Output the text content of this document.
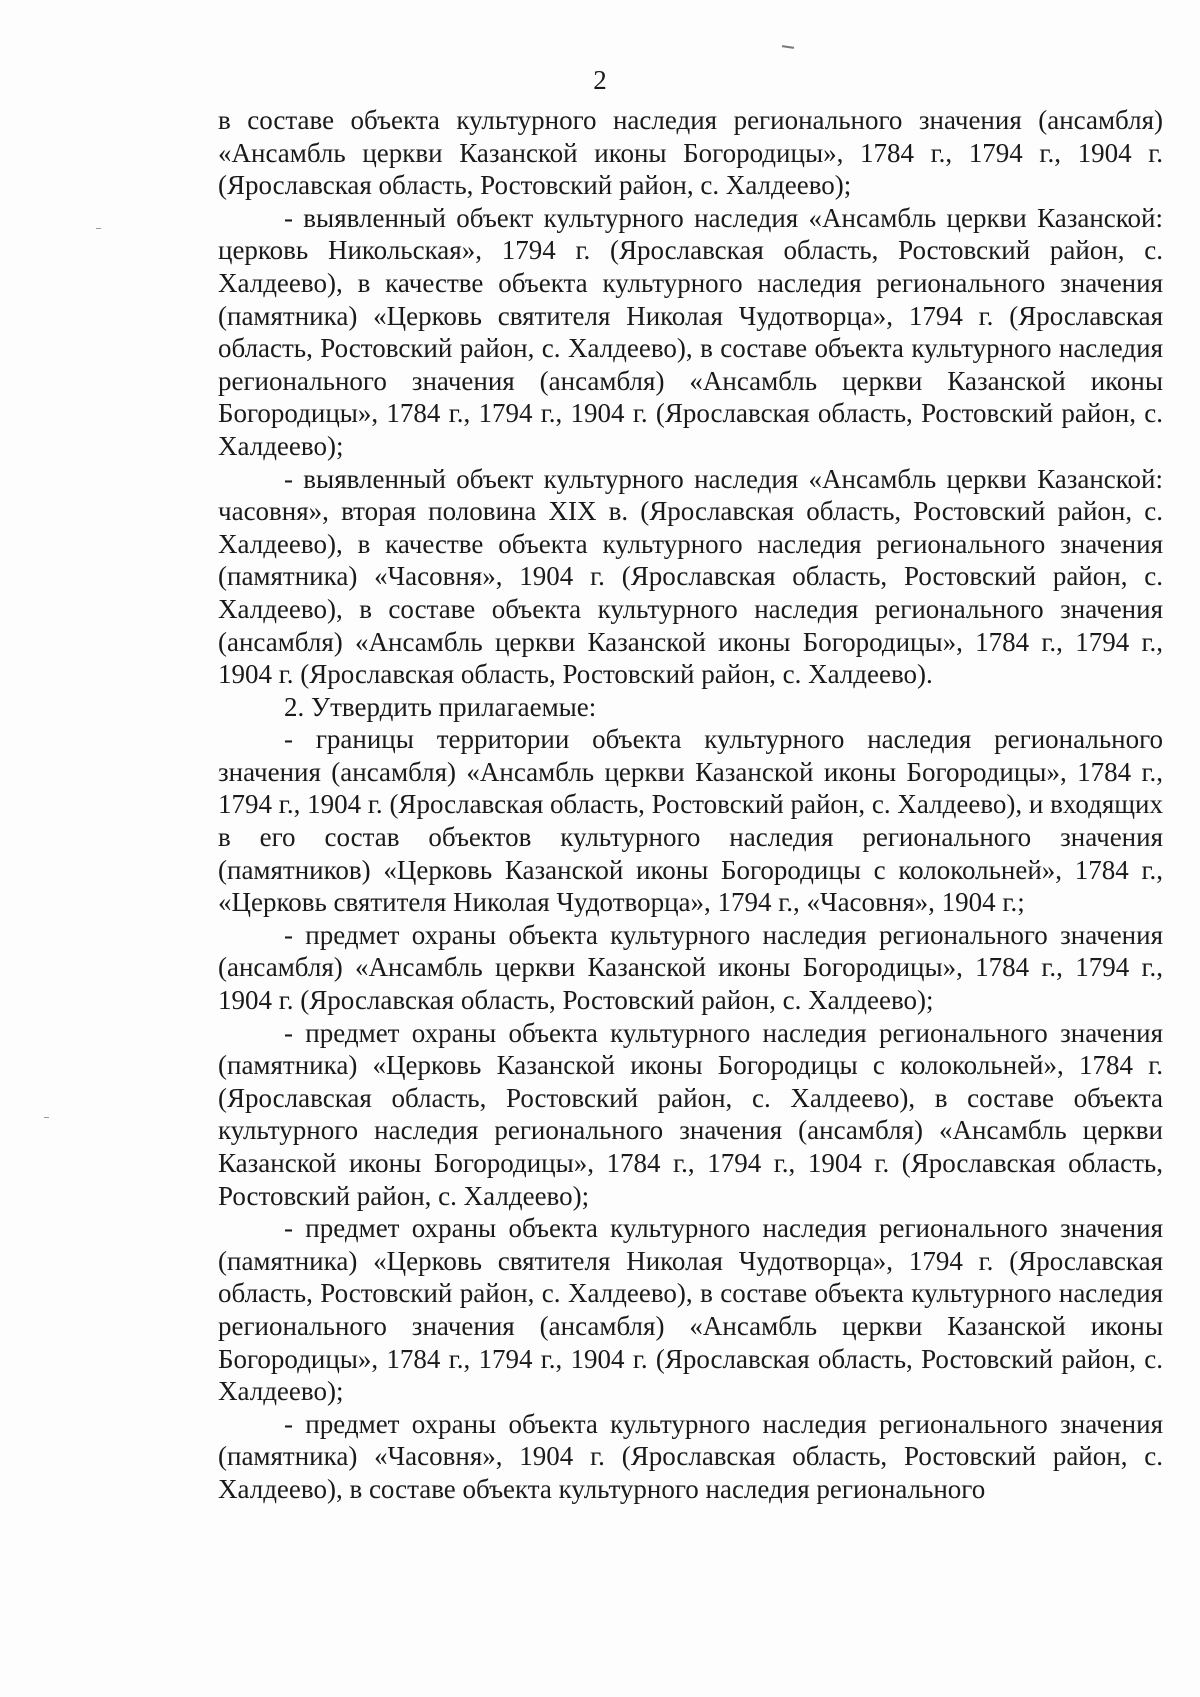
2

в составе объекта культурного наследия регионального значения (ансамбля) «Ансамбль церкви Казанской иконы Богородицы», 1784 г., 1794 г., 1904 г. (Ярославская область, Ростовский район, с. Халдеево);

- выявленный объект культурного наследия «Ансамбль церкви Казанской: церковь Никольская», 1794 г. (Ярославская область, Ростовский район, с. Халдеево), в качестве объекта культурного наследия регионального значения (памятника) «Церковь святителя Николая Чудотворца», 1794 г. (Ярославская область, Ростовский район, с. Халдеево), в составе объекта культурного наследия регионального значения (ансамбля) «Ансамбль церкви Казанской иконы Богородицы», 1784 г., 1794 г., 1904 г. (Ярославская область, Ростовский район, с. Халдеево);

- выявленный объект культурного наследия «Ансамбль церкви Казанской: часовня», вторая половина XIX в. (Ярославская область, Ростовский район, с. Халдеево), в качестве объекта культурного наследия регионального значения (памятника) «Часовня», 1904 г. (Ярославская область, Ростовский район, с. Халдеево), в составе объекта культурного наследия регионального значения (ансамбля) «Ансамбль церкви Казанской иконы Богородицы», 1784 г., 1794 г., 1904 г. (Ярославская область, Ростовский район, с. Халдеево).

2. Утвердить прилагаемые:

- границы территории объекта культурного наследия регионального значения (ансамбля) «Ансамбль церкви Казанской иконы Богородицы», 1784 г., 1794 г., 1904 г. (Ярославская область, Ростовский район, с. Халдеево), и входящих в его состав объектов культурного наследия регионального значения (памятников) «Церковь Казанской иконы Богородицы с колокольней», 1784 г., «Церковь святителя Николая Чудотворца», 1794 г., «Часовня», 1904 г.;

- предмет охраны объекта культурного наследия регионального значения (ансамбля) «Ансамбль церкви Казанской иконы Богородицы», 1784 г., 1794 г., 1904 г. (Ярославская область, Ростовский район, с. Халдеево);

- предмет охраны объекта культурного наследия регионального значения (памятника) «Церковь Казанской иконы Богородицы с колокольней», 1784 г. (Ярославская область, Ростовский район, с. Халдеево), в составе объекта культурного наследия регионального значения (ансамбля) «Ансамбль церкви Казанской иконы Богородицы», 1784 г., 1794 г., 1904 г. (Ярославская область, Ростовский район, с. Халдеево);

- предмет охраны объекта культурного наследия регионального значения (памятника) «Церковь святителя Николая Чудотворца», 1794 г. (Ярославская область, Ростовский район, с. Халдеево), в составе объекта культурного наследия регионального значения (ансамбля) «Ансамбль церкви Казанской иконы Богородицы», 1784 г., 1794 г., 1904 г. (Ярославская область, Ростовский район, с. Халдеево);

- предмет охраны объекта культурного наследия регионального значения (памятника) «Часовня», 1904 г. (Ярославская область, Ростовский район, с. Халдеево), в составе объекта культурного наследия регионального
